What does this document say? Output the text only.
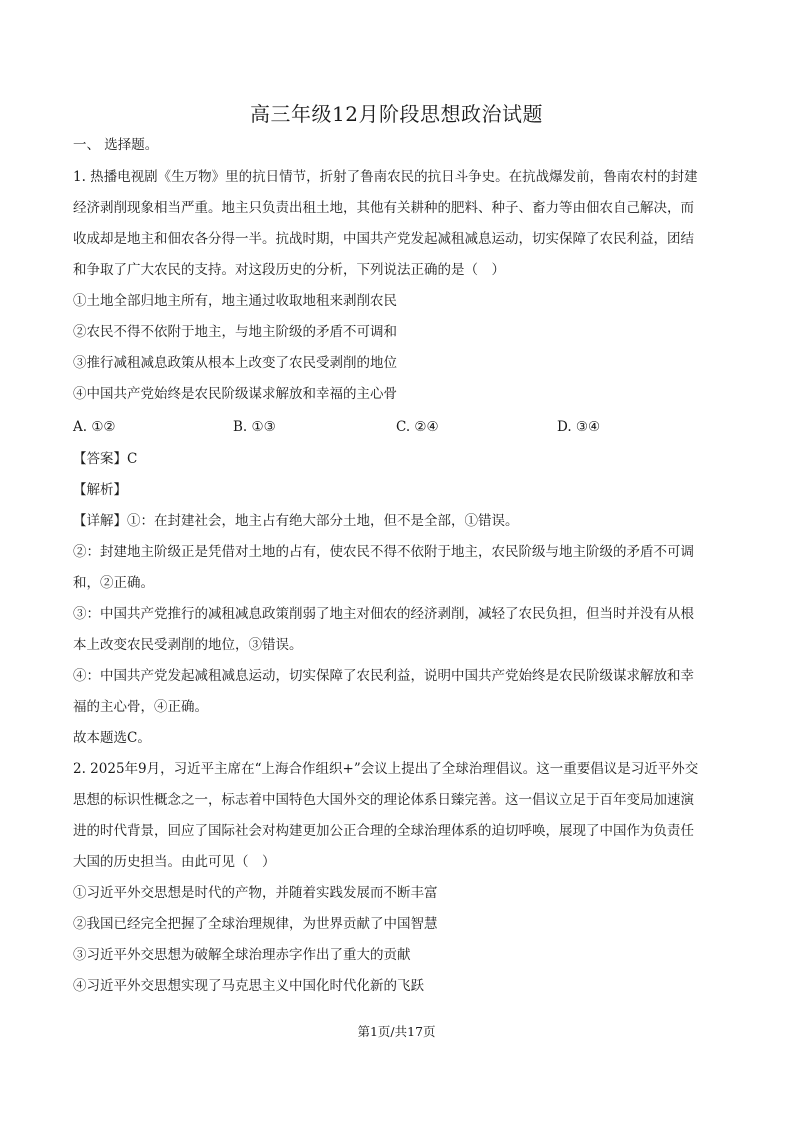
高三年级12月阶段思想政治试题
一、 选择题。
1. 热播电视剧《生万物》里的抗日情节，折射了鲁南农民的抗日斗争史。在抗战爆发前，鲁南农村的封建
经济剥削现象相当严重。地主只负责出租土地，其他有关耕种的肥料、种子、畜力等由佃农自己解决，而
收成却是地主和佃农各分得一半。抗战时期，中国共产党发起减租减息运动，切实保障了农民利益，团结
和争取了广大农民的支持。对这段历史的分析，下列说法正确的是（　）
①土地全部归地主所有，地主通过收取地租来剥削农民
②农民不得不依附于地主，与地主阶级的矛盾不可调和
③推行减租减息政策从根本上改变了农民受剥削的地位
④中国共产党始终是农民阶级谋求解放和幸福的主心骨
A. ①②	B. ①③	C. ②④	D. ③④
【答案】C
【解析】
【详解】①：在封建社会，地主占有绝大部分土地，但不是全部，①错误。
②：封建地主阶级正是凭借对土地的占有，使农民不得不依附于地主，农民阶级与地主阶级的矛盾不可调
和，②正确。
③：中国共产党推行的减租减息政策削弱了地主对佃农的经济剥削，减轻了农民负担，但当时并没有从根
本上改变农民受剥削的地位，③错误。
④：中国共产党发起减租减息运动，切实保障了农民利益，说明中国共产党始终是农民阶级谋求解放和幸
福的主心骨，④正确。
故本题选C。
2. 2025年9月，习近平主席在“上海合作组织+”会议上提出了全球治理倡议。这一重要倡议是习近平外交
思想的标识性概念之一，标志着中国特色大国外交的理论体系日臻完善。这一倡议立足于百年变局加速演
进的时代背景，回应了国际社会对构建更加公正合理的全球治理体系的迫切呼唤，展现了中国作为负责任
大国的历史担当。由此可见（　）
①习近平外交思想是时代的产物，并随着实践发展而不断丰富
②我国已经完全把握了全球治理规律，为世界贡献了中国智慧
③习近平外交思想为破解全球治理赤字作出了重大的贡献
④习近平外交思想实现了马克思主义中国化时代化新的飞跃
第1页/共17页
